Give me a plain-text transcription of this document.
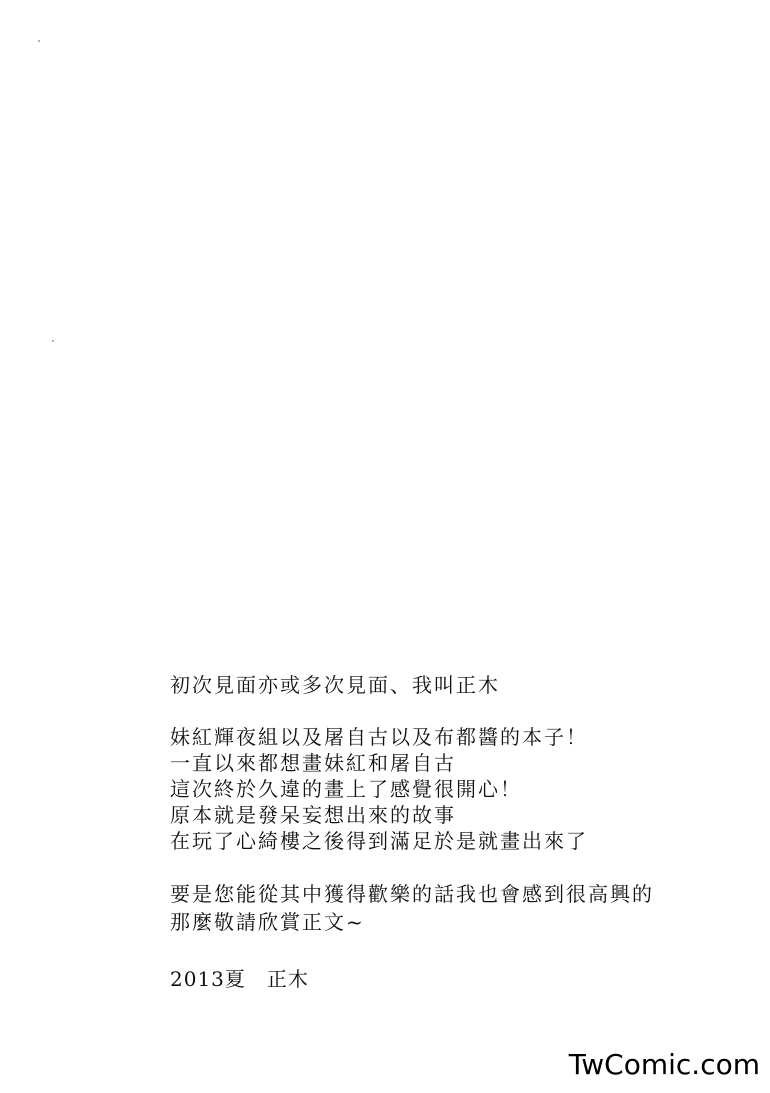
初次見面亦或多次見面、我叫正木

妹紅輝夜組以及屠自古以及布都醬的本子！

一直以來都想畫妹紅和屠自古

這次終於久違的畫上了感覺很開心！

原本就是發呆妄想出來的故事

在玩了心綺樓之後得到滿足於是就畫出來了

要是您能從其中獲得歡樂的話我也會感到很高興的

那麼敬請欣賞正文~

2013夏　正木

TwComic.com
